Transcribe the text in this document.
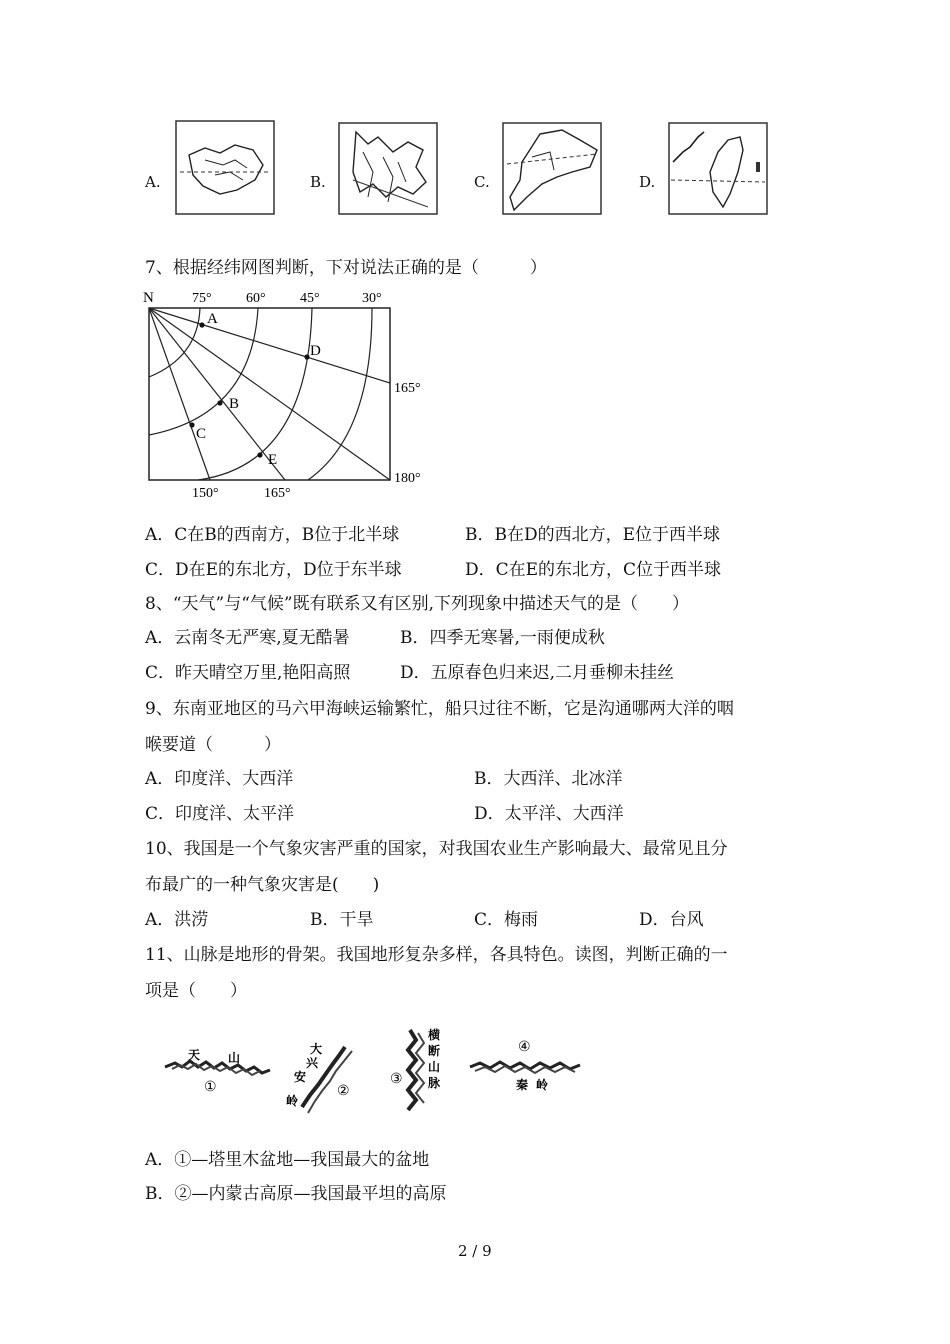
A.	B.	C.	D.
7、根据经纬网图判断，下对说法正确的是（　　　）
N	75° 60° 45°	30°
165°
180°
150°	165°
A
B
C
D
E
A．C在B的西南方，B位于北半球	B．B在D的西北方，E位于西半球
C．D在E的东北方，D位于东半球	D．C在E的东北方，C位于西半球
8、“天气”与“气候”既有联系又有区别,下列现象中描述天气的是（　　）
A．云南冬无严寒,夏无酷暑	B．四季无寒暑,一雨便成秋
C．昨天晴空万里,艳阳高照	D．五原春色归来迟,二月垂柳未挂丝
9、东南亚地区的马六甲海峡运输繁忙，船只过往不断，它是沟通哪两大洋的咽
喉要道（　　　）
A．印度洋、大西洋	B．大西洋、北冰洋
C．印度洋、太平洋	D．太平洋、大西洋
10、我国是一个气象灾害严重的国家，对我国农业生产影响最大、最常见且分
布最广的一种气象灾害是(　　)
A．洪涝	B．干旱	C．梅雨	D．台风
11、山脉是地形的骨架。我国地形复杂多样，各具特色。读图，判断正确的一
项是（　　）
天 山
①
大
兴
安
岭
②
横
断
山
脉
③
④
秦 岭
A．①—塔里木盆地—我国最大的盆地
B．②—内蒙古高原—我国最平坦的高原
2 / 9
